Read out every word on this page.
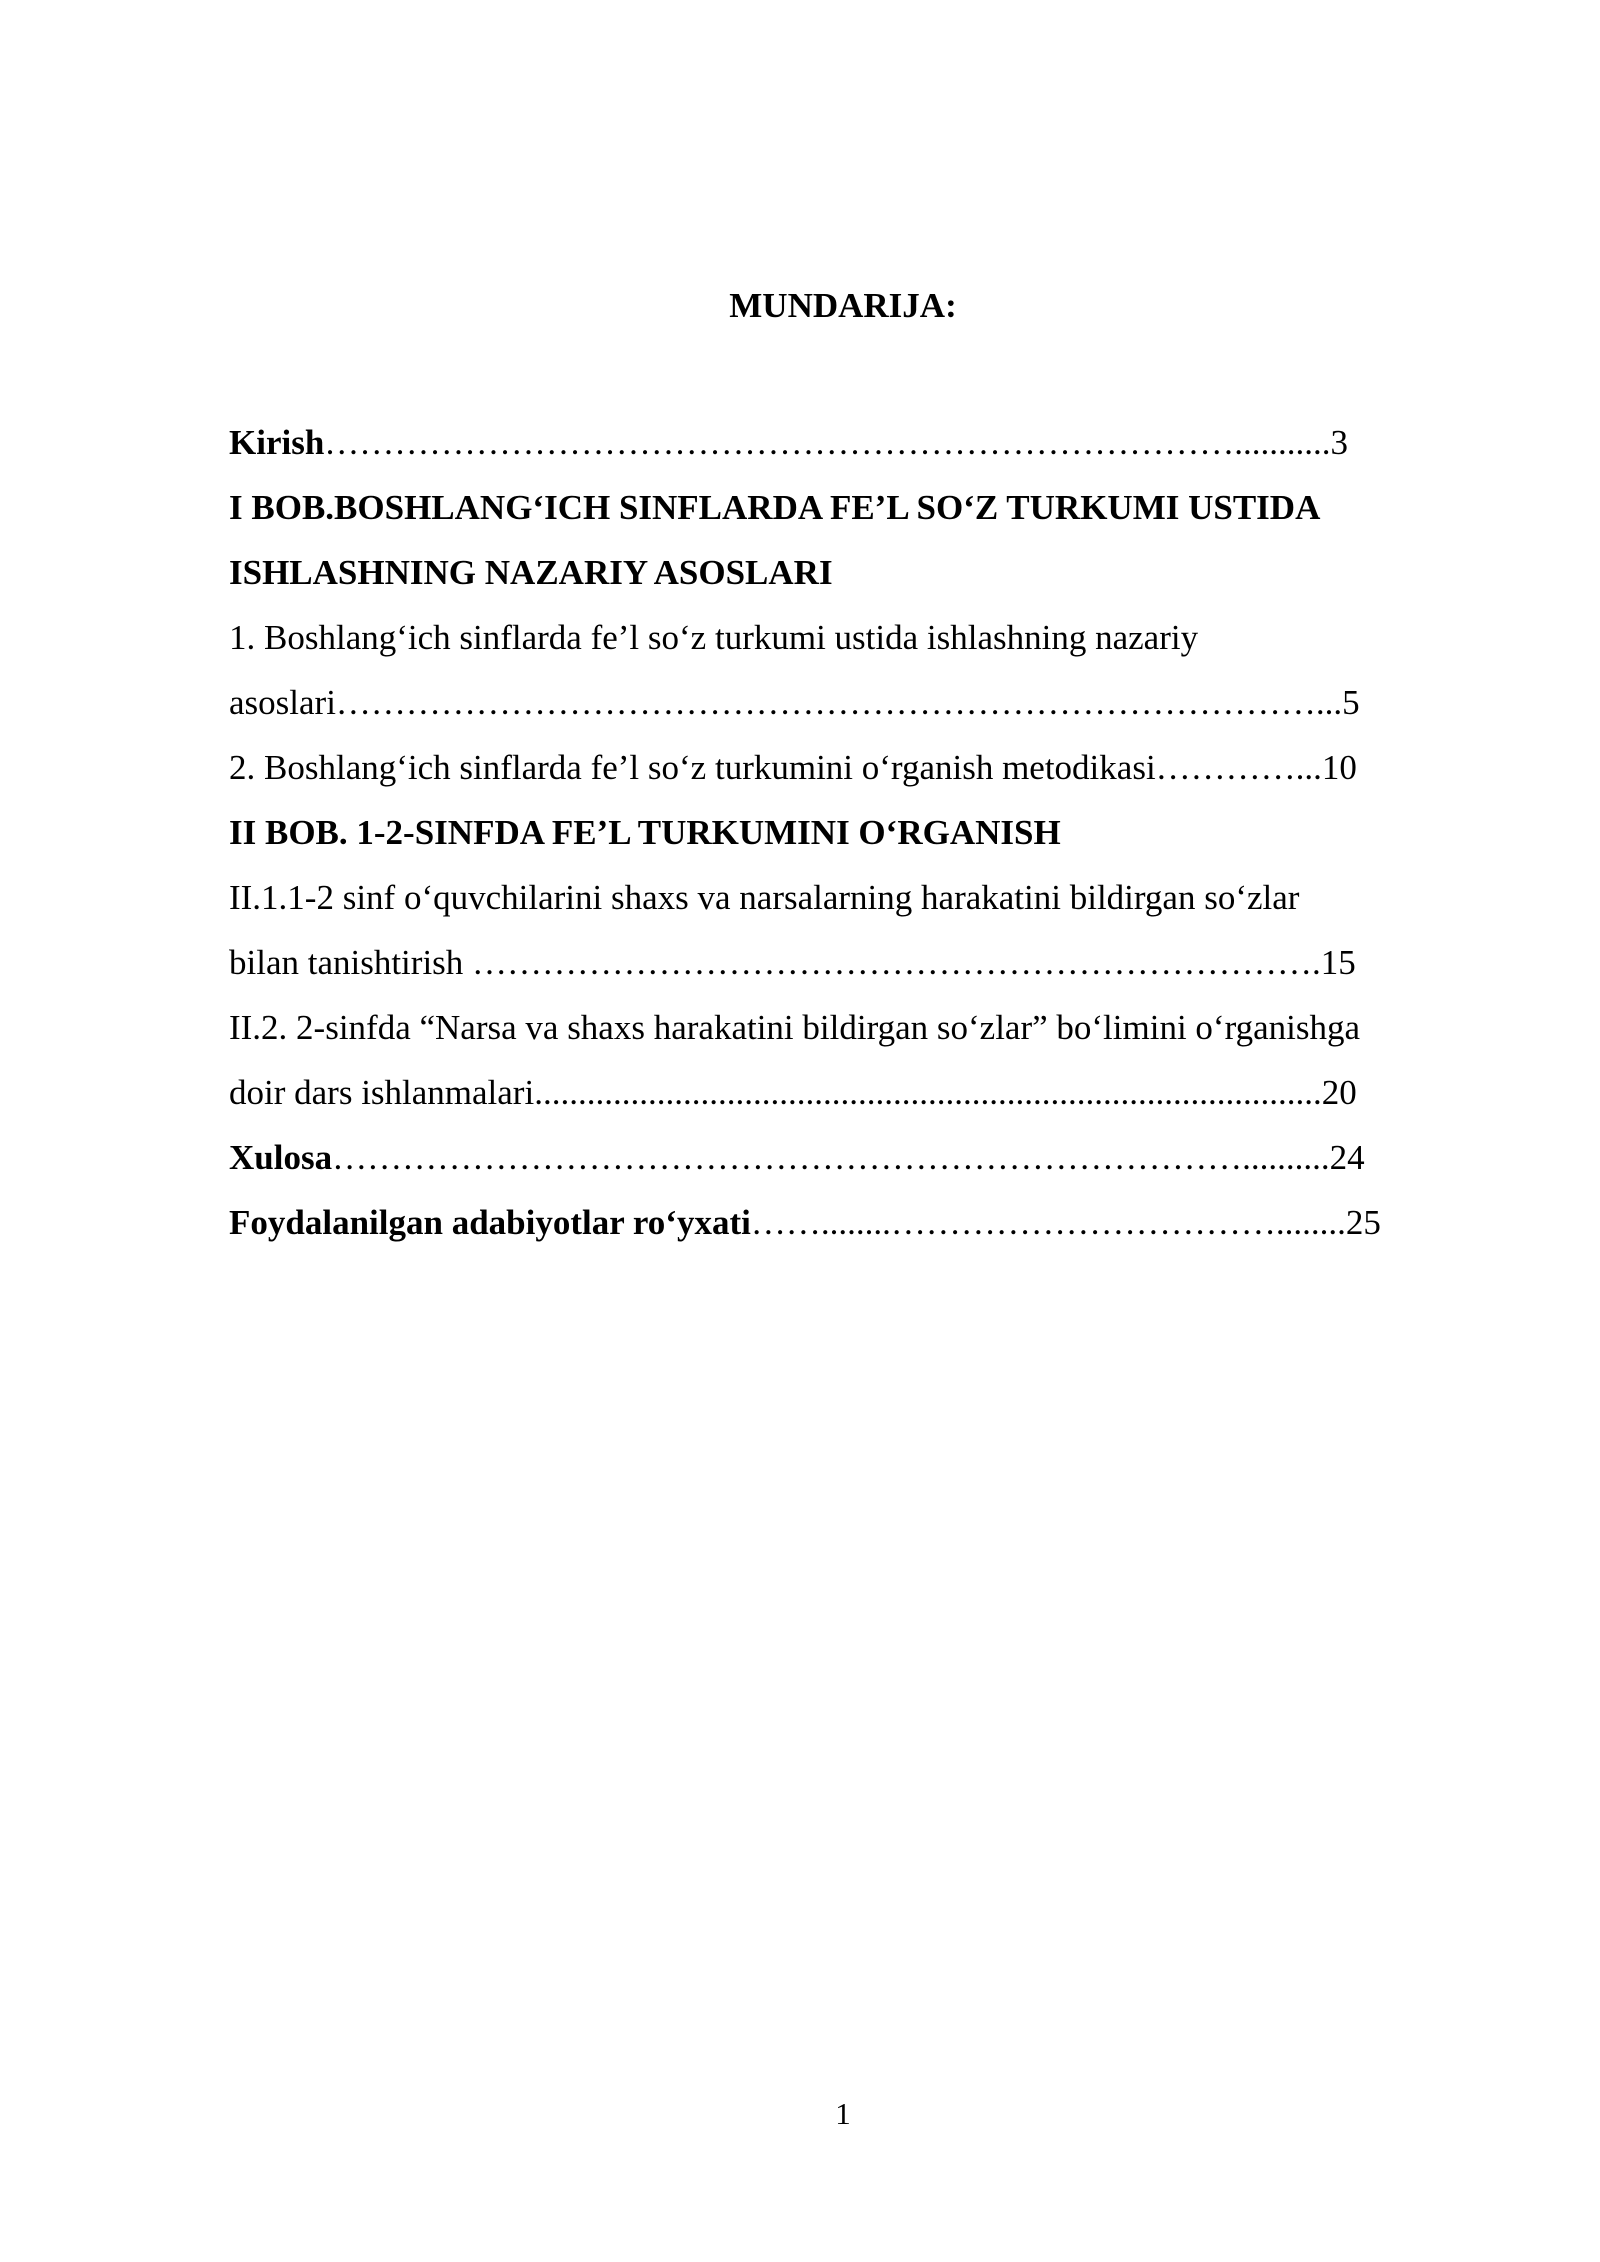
MUNDARIJA:
Kirish……………………………………………………………………...........3
I BOB.BOSHLANG‘ICH SINFLARDA FE’L SO‘Z TURKUMI USTIDA
ISHLASHNING NAZARIY ASOSLARI
1. Boshlang‘ich sinflarda fe’l so‘z turkumi ustida ishlashning nazariy
asoslari…………………………………………………………………………...5
2. Boshlang‘ich sinflarda fe’l so‘z turkumini o‘rganish metodikasi…………...10
II BOB. 1-2-SINFDA FE’L TURKUMINI O‘RGANISH
II.1.1-2 sinf o‘quvchilarini shaxs va narsalarning harakatini bildirgan so‘zlar
bilan tanishtirish ……………………………………………………………….15
II.2. 2-sinfda “Narsa va shaxs harakatini bildirgan so‘zlar” bo‘limini o‘rganishga
doir dars ishlanmalari..........................................................................................20
Xulosa……………………………………………………………………..........24
Foydalanilgan adabiyotlar ro‘yxati……........……………………………........25
1
